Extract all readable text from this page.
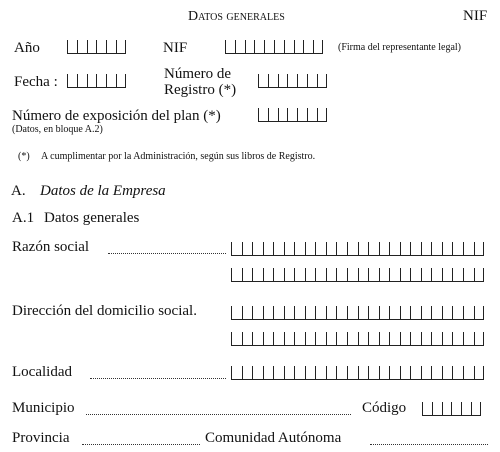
Datos generales	NIF
Año	NIF	(Firma del representante legal)
Fecha :	Número de
Registro (*)
Número de exposición del plan (*)
(Datos, en bloque A.2)
(*) A cumplimentar por la Administración, según sus libros de Registro.
A. Datos de la Empresa
A.1 Datos generales
Razón social
Dirección del domicilio social.
Localidad
Municipio	Código
Provincia	Comunidad Autónoma
